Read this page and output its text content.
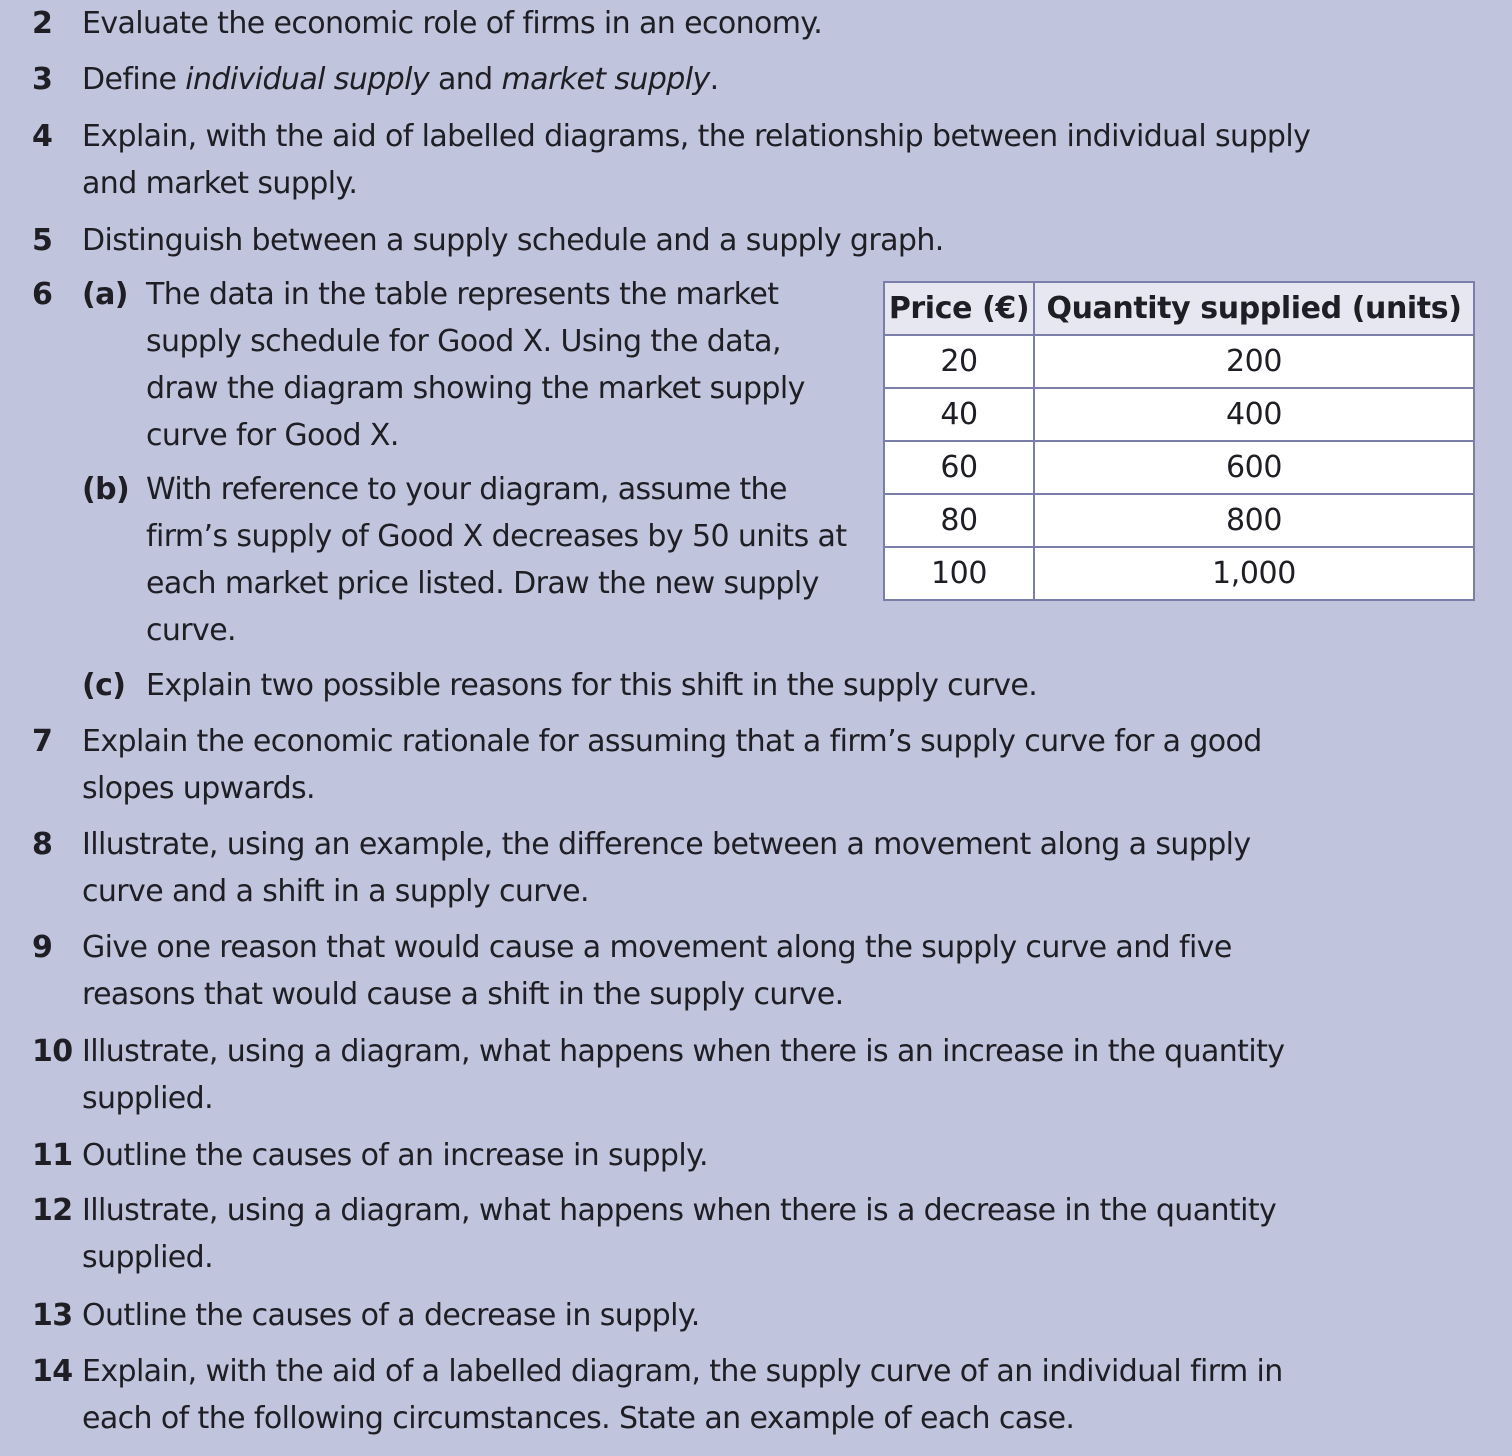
2 Evaluate the economic role of firms in an economy.
3 Define individual supply and market supply.
4 Explain, with the aid of labelled diagrams, the relationship between individual supply
and market supply.
5 Distinguish between a supply schedule and a supply graph.
6 (a) The data in the table represents the market
supply schedule for Good X. Using the data,
draw the diagram showing the market supply
curve for Good X.
(b) With reference to your diagram, assume the
firm’s supply of Good X decreases by 50 units at
each market price listed. Draw the new supply
curve.
(c) Explain two possible reasons for this shift in the supply curve.
Price (€)	Quantity supplied (units)
20	200
40	400
60	600
80	800
100	1,000
7 Explain the economic rationale for assuming that a firm’s supply curve for a good
slopes upwards.
8 Illustrate, using an example, the difference between a movement along a supply
curve and a shift in a supply curve.
9 Give one reason that would cause a movement along the supply curve and five
reasons that would cause a shift in the supply curve.
10 Illustrate, using a diagram, what happens when there is an increase in the quantity
supplied.
11 Outline the causes of an increase in supply.
12 Illustrate, using a diagram, what happens when there is a decrease in the quantity
supplied.
13 Outline the causes of a decrease in supply.
14 Explain, with the aid of a labelled diagram, the supply curve of an individual firm in
each of the following circumstances. State an example of each case.
